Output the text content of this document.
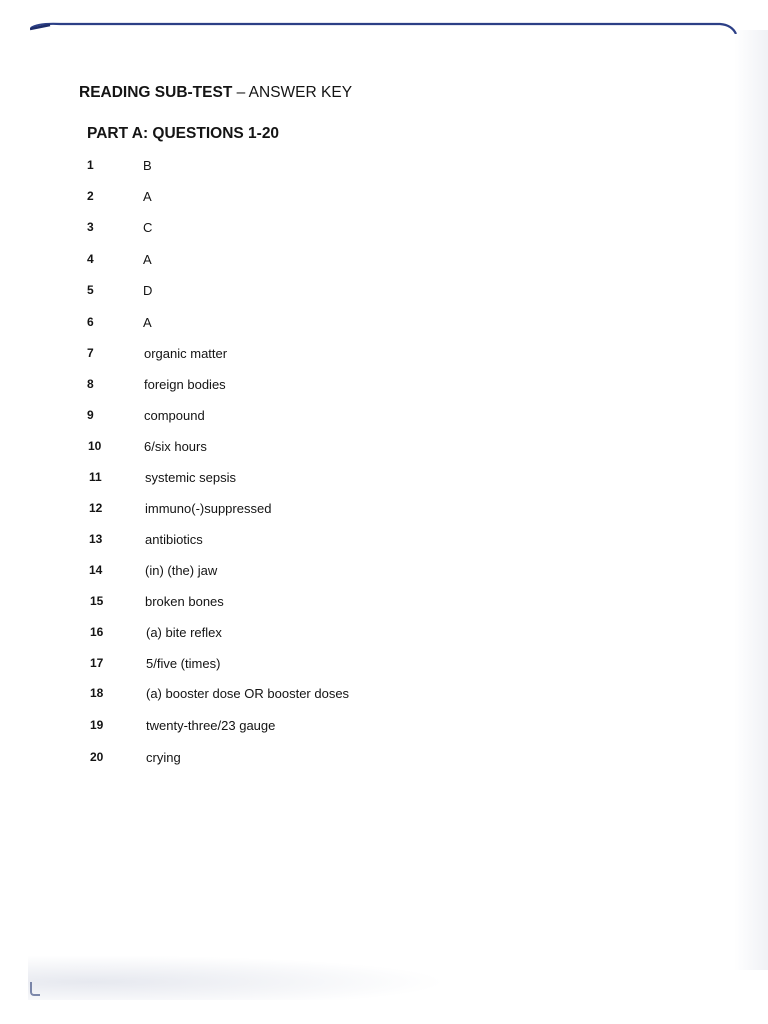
READING SUB-TEST – ANSWER KEY
PART A: QUESTIONS 1-20
1	B
2	A
3	C
4	A
5	D
6	A
7	organic matter
8	foreign bodies
9	compound
10	6/six hours
11	systemic sepsis
12	immuno(-)suppressed
13	antibiotics
14	(in) (the) jaw
15	broken bones
16	(a) bite reflex
17	5/five (times)
18	(a) booster dose OR booster doses
19	twenty-three/23 gauge
20	crying
